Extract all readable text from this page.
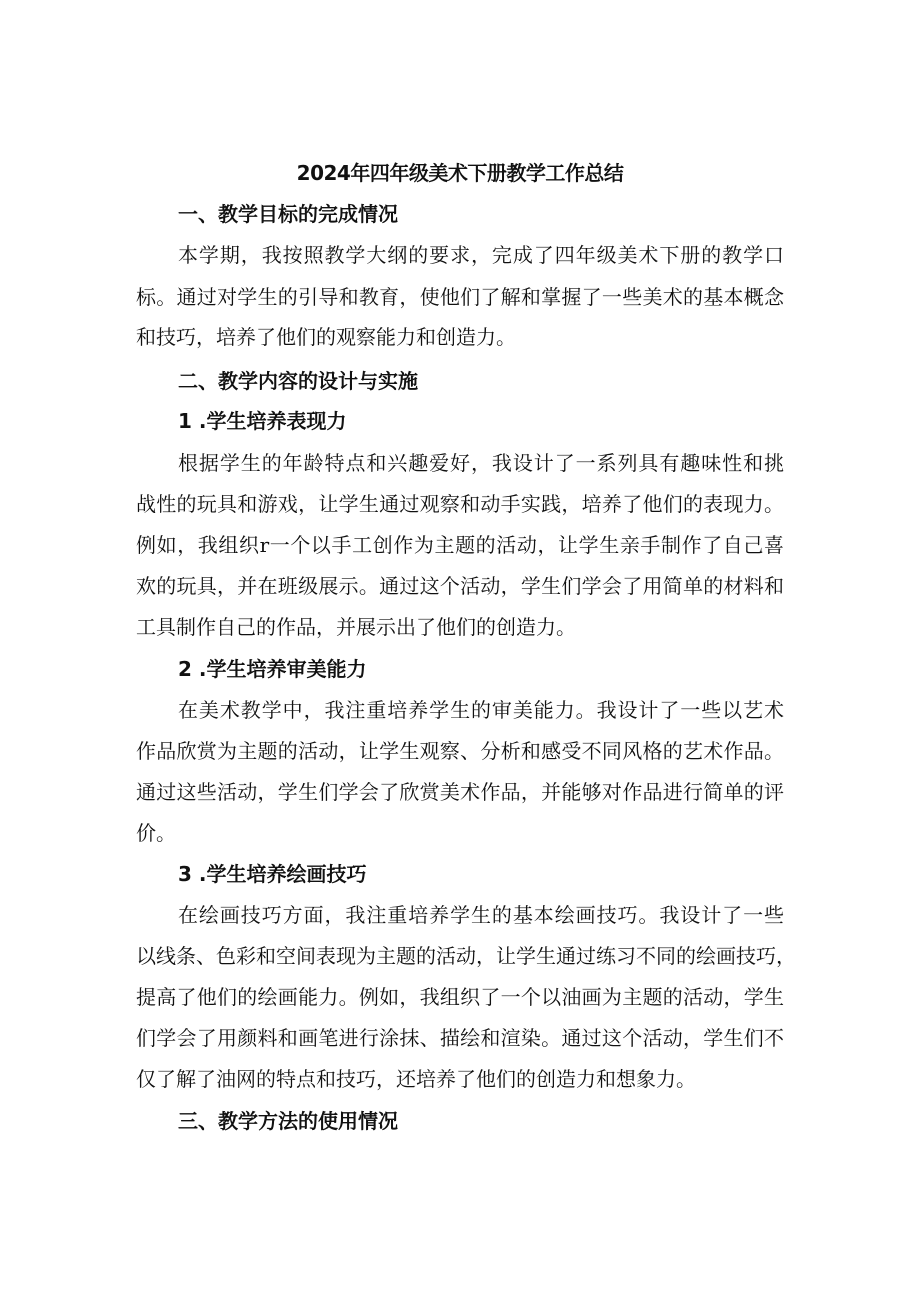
2024年四年级美术下册教学工作总结
一、教学目标的完成情况

本学期，我按照教学大纲的要求，完成了四年级美术下册的教学口

标。通过对学生的引导和教育，使他们了解和掌握了一些美术的基本概念

和技巧，培养了他们的观察能力和创造力。

二、教学内容的设计与实施
1 .学生培养表现力

根据学生的年龄特点和兴趣爱好，我设计了一系列具有趣味性和挑

战性的玩具和游戏，让学生通过观察和动手实践，培养了他们的表现力。

例如，我组织r一个以手工创作为主题的活动，让学生亲手制作了自己喜

欢的玩具，并在班级展示。通过这个活动，学生们学会了用简单的材料和

工具制作自己的作品，并展示出了他们的创造力。

2 .学生培养审美能力

在美术教学中，我注重培养学生的审美能力。我设计了一些以艺术

作品欣赏为主题的活动，让学生观察、分析和感受不同风格的艺术作品。

通过这些活动，学生们学会了欣赏美术作品，并能够对作品进行简单的评

价。

3 .学生培养绘画技巧

在绘画技巧方面，我注重培养学生的基本绘画技巧。我设计了一些

以线条、色彩和空间表现为主题的活动，让学生通过练习不同的绘画技巧，

提高了他们的绘画能力。例如，我组织了一个以油画为主题的活动，学生

们学会了用颜料和画笔进行涂抹、描绘和渲染。通过这个活动，学生们不

仅了解了油网的特点和技巧，还培养了他们的创造力和想象力。

三、教学方法的使用情况
